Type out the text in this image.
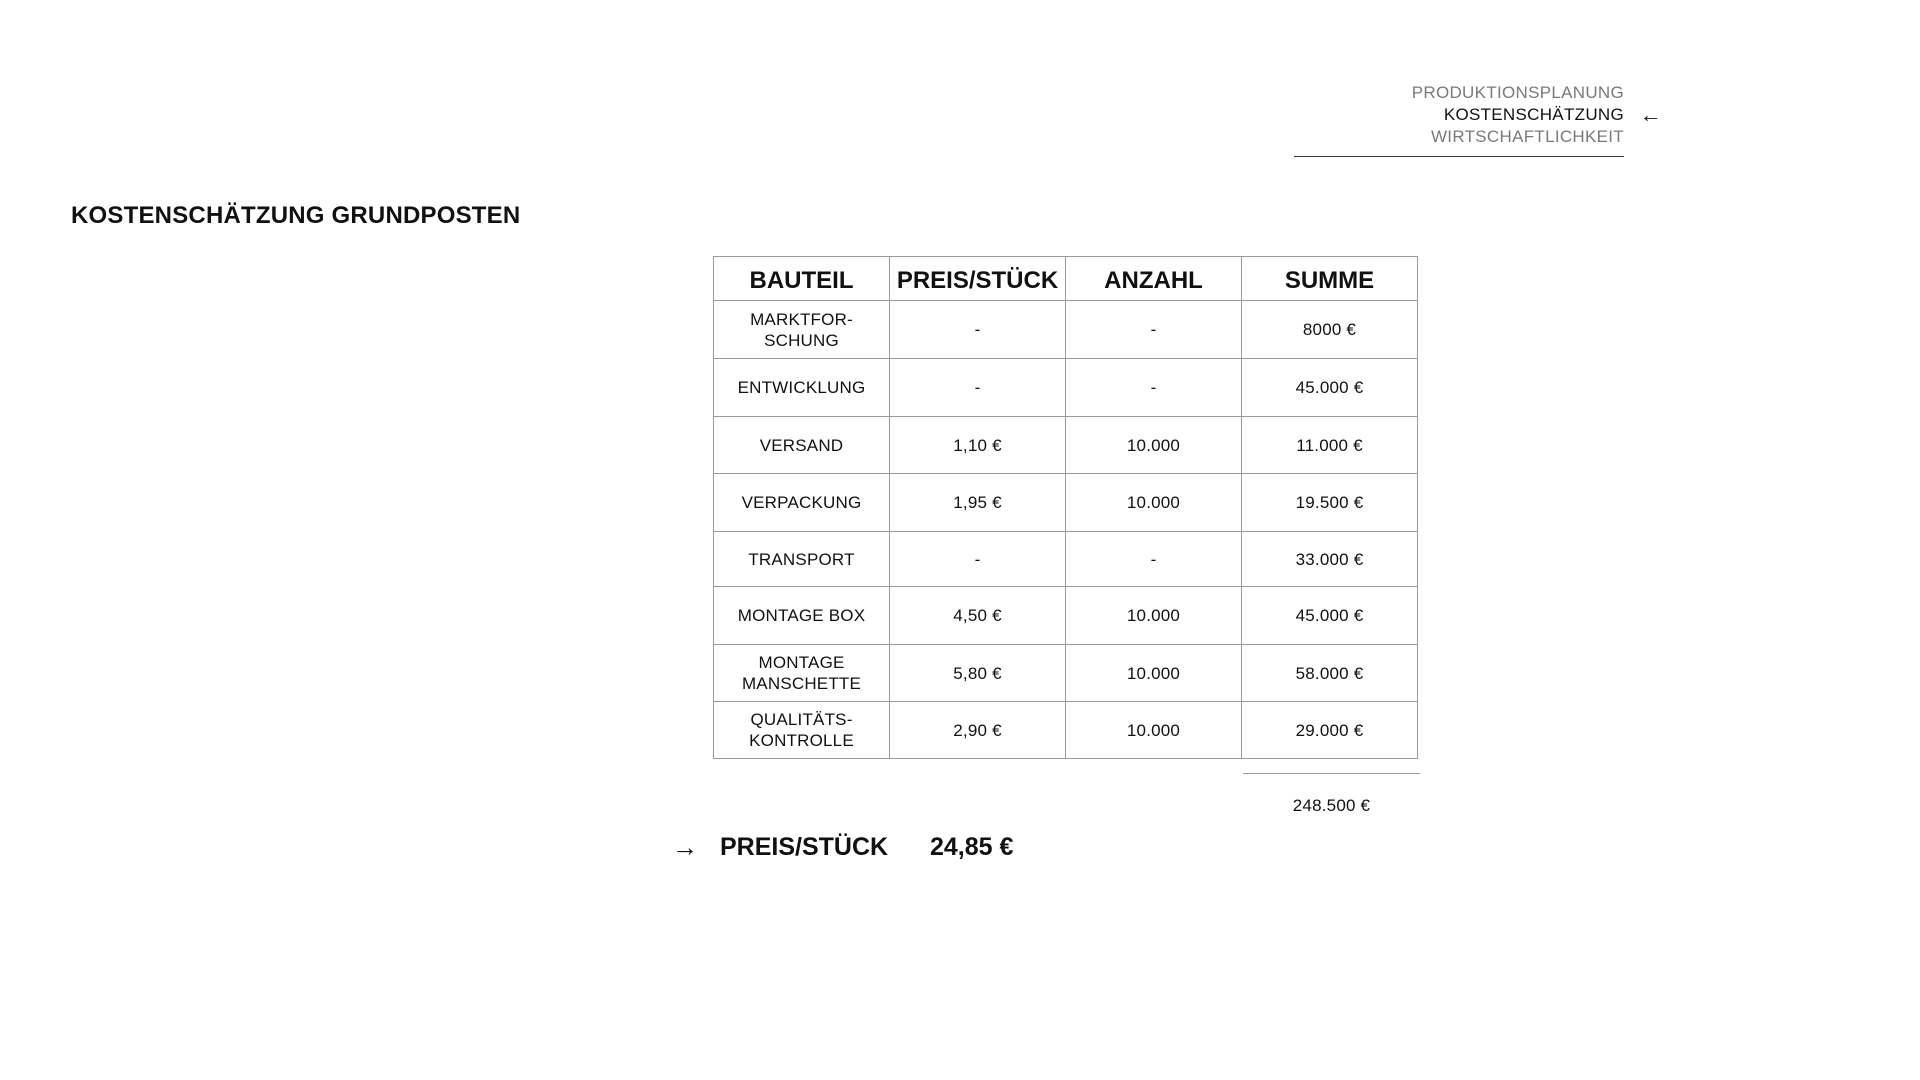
PRODUKTIONSPLANUNG
KOSTENSCHÄTZUNG ←
WIRTSCHAFTLICHKEIT
KOSTENSCHÄTZUNG GRUNDPOSTEN
BAUTEIL	PREIS/STÜCK	ANZAHL	SUMME
MARKTFOR-
SCHUNG	-	-	8000 €
ENTWICKLUNG	-	-	45.000 €
VERSAND	1,10 €	10.000	11.000 €
VERPACKUNG	1,95 €	10.000	19.500 €
TRANSPORT	-	-	33.000 €
MONTAGE BOX	4,50 €	10.000	45.000 €
MONTAGE
MANSCHETTE	5,80 €	10.000	58.000 €
QUALITÄTS-
KONTROLLE	2,90 €	10.000	29.000 €
248.500 €
→ PREIS/STÜCK	24,85 €
